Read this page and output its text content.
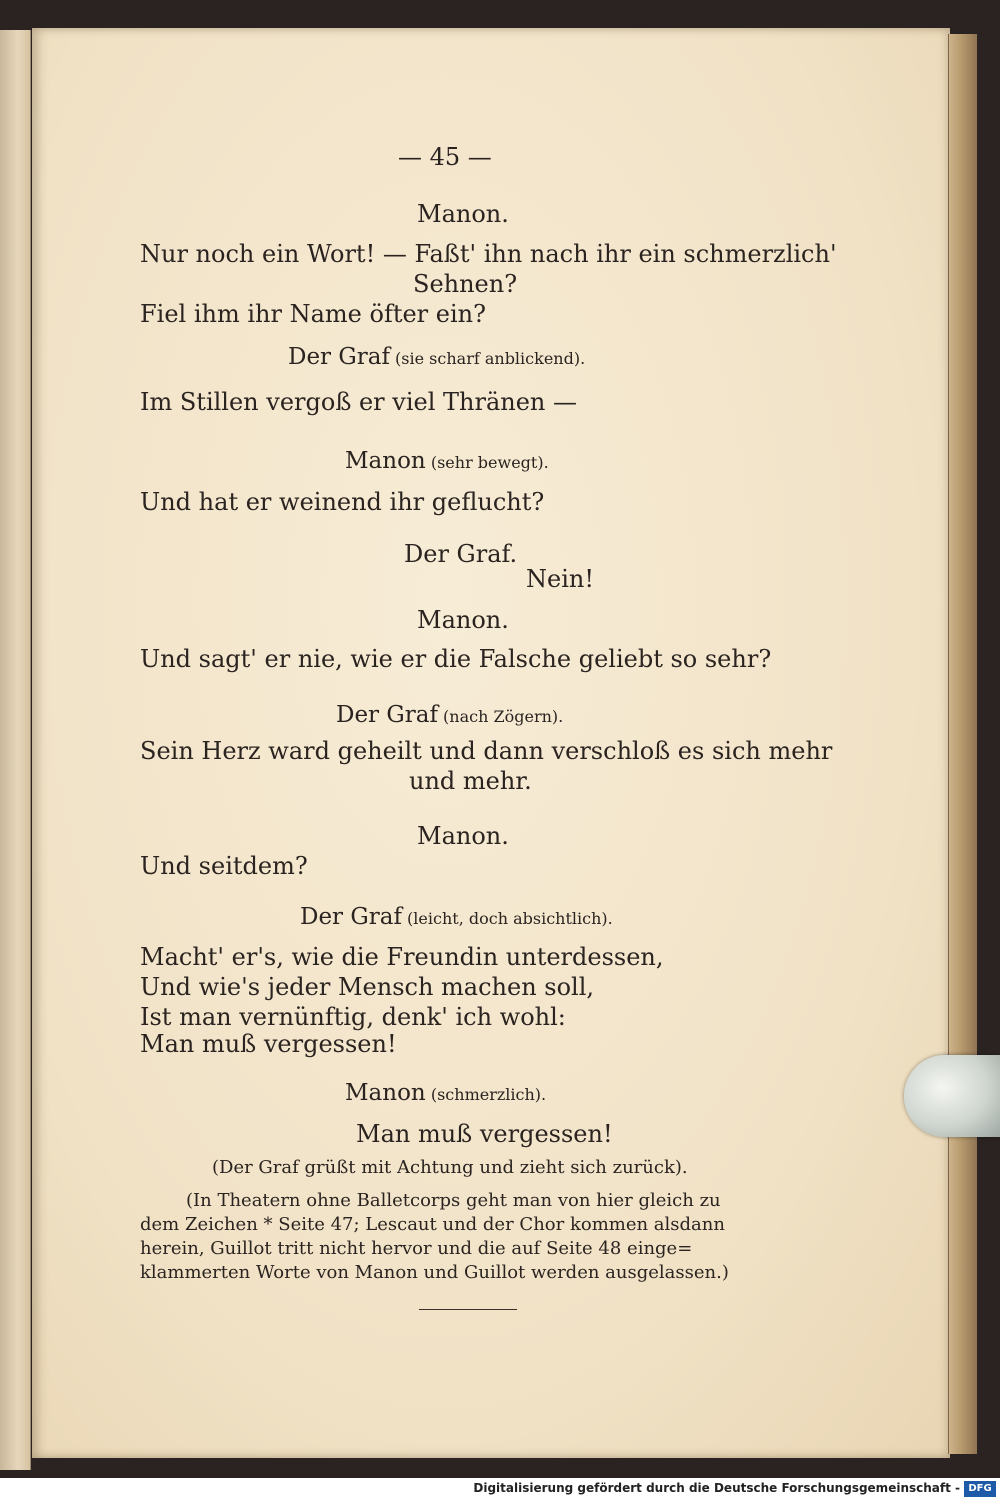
— 45 —
Manon.
Nur noch ein Wort! — Faßt' ihn nach ihr ein schmerzlich'
Sehnen?
Fiel ihm ihr Name öfter ein?
Der Graf (sie scharf anblickend).
Im Stillen vergoß er viel Thränen —
Manon (sehr bewegt).
Und hat er weinend ihr geflucht?
Der Graf.
Nein!
Manon.
Und sagt' er nie, wie er die Falsche geliebt so sehr?
Der Graf (nach Zögern).
Sein Herz ward geheilt und dann verschloß es sich mehr
und mehr.
Manon.
Und seitdem?
Der Graf (leicht, doch absichtlich).
Macht' er's, wie die Freundin unterdessen,
Und wie's jeder Mensch machen soll,
Ist man vernünftig, denk' ich wohl:
Man muß vergessen!
Manon (schmerzlich).
Man muß vergessen!
(Der Graf grüßt mit Achtung und zieht sich zurück).
(In Theatern ohne Balletcorps geht man von hier gleich zu
dem Zeichen * Seite 47; Lescaut und der Chor kommen alsdann
herein, Guillot tritt nicht hervor und die auf Seite 48 einge=
klammerten Worte von Manon und Guillot werden ausgelassen.)
Digitalisierung gefördert durch die Deutsche Forschungsgemeinschaft - DFG
